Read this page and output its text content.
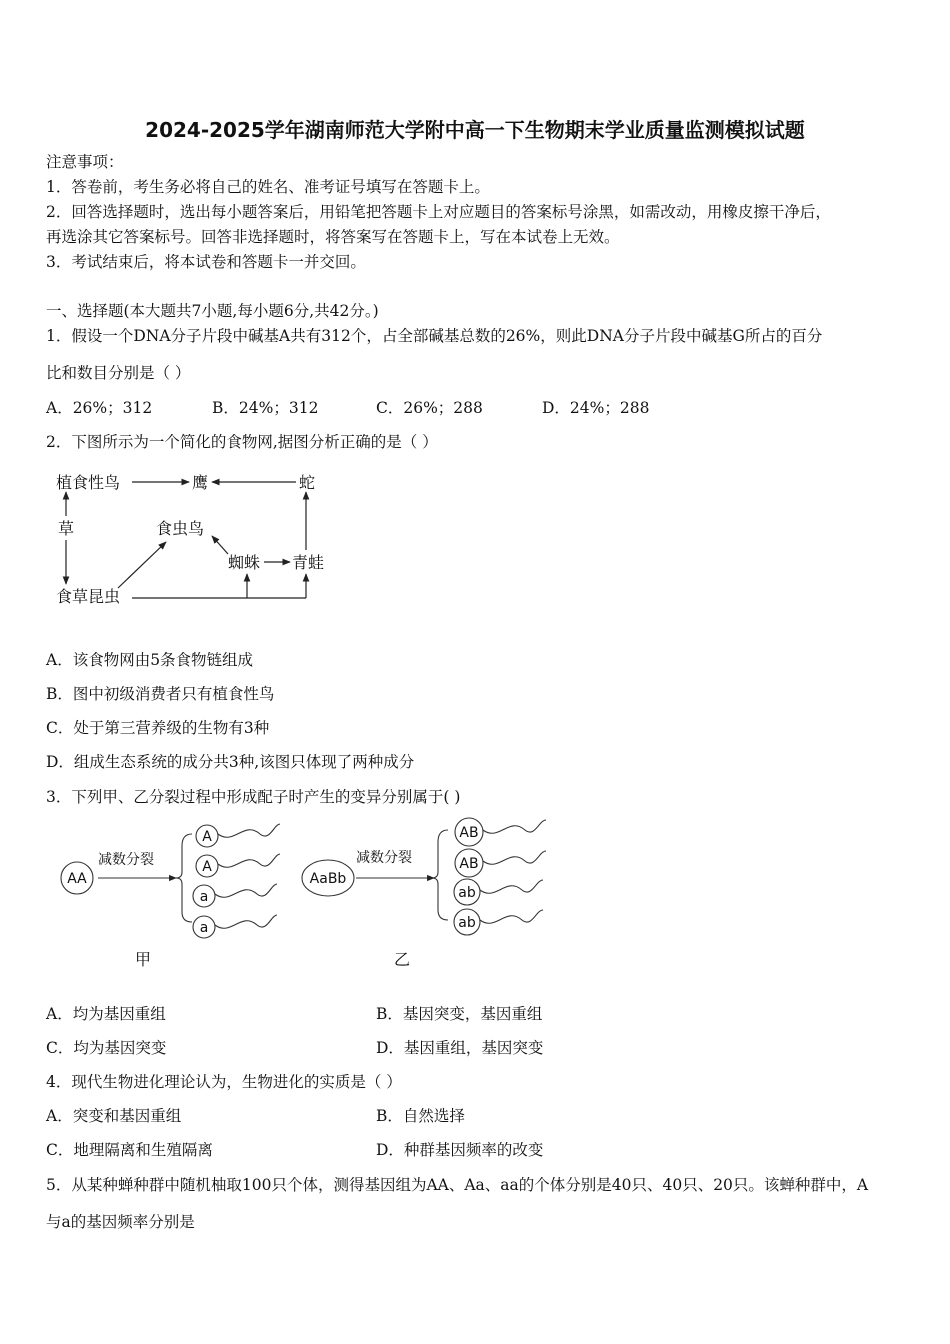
2024-2025学年湖南师范大学附中高一下生物期末学业质量监测模拟试题
注意事项：
1．答卷前，考生务必将自己的姓名、准考证号填写在答题卡上。
2．回答选择题时，选出每小题答案后，用铅笔把答题卡上对应题目的答案标号涂黑，如需改动，用橡皮擦干净后，
再选涂其它答案标号。回答非选择题时，将答案写在答题卡上，写在本试卷上无效。
3．考试结束后，将本试卷和答题卡一并交回。
一、选择题(本大题共7小题,每小题6分,共42分。)
1．假设一个DNA分子片段中碱基A共有312个，占全部碱基总数的26%，则此DNA分子片段中碱基G所占的百分
比和数目分别是（ ）
A．26%；312	B．24%；312	C．26%；288	D．24%；288
2．下图所示为一个简化的食物网,据图分析正确的是（ ）
植食性鸟	鹰	蛇
草	食虫鸟
蜘蛛 青蛙
食草昆虫
A．该食物网由5条食物链组成
B．图中初级消费者只有植食性鸟
C．处于第三营养级的生物有3种
D．组成生态系统的成分共3种,该图只体现了两种成分
3．下列甲、乙分裂过程中形成配子时产生的变异分别属于( )
AA
减数分裂
A
A
a
a
甲
AaBb
减数分裂
AB
AB
ab
ab
乙
A．均为基因重组	B．基因突变，基因重组
C．均为基因突变	D．基因重组，基因突变
4．现代生物进化理论认为，生物进化的实质是（ ）
A．突变和基因重组	B．自然选择
C．地理隔离和生殖隔离	D．种群基因频率的改变
5．从某种蝉种群中随机柚取100只个体，测得基因组为AA、Aa、aa的个体分别是40只、40只、20只。该蝉种群中，A
与a的基因频率分别是
